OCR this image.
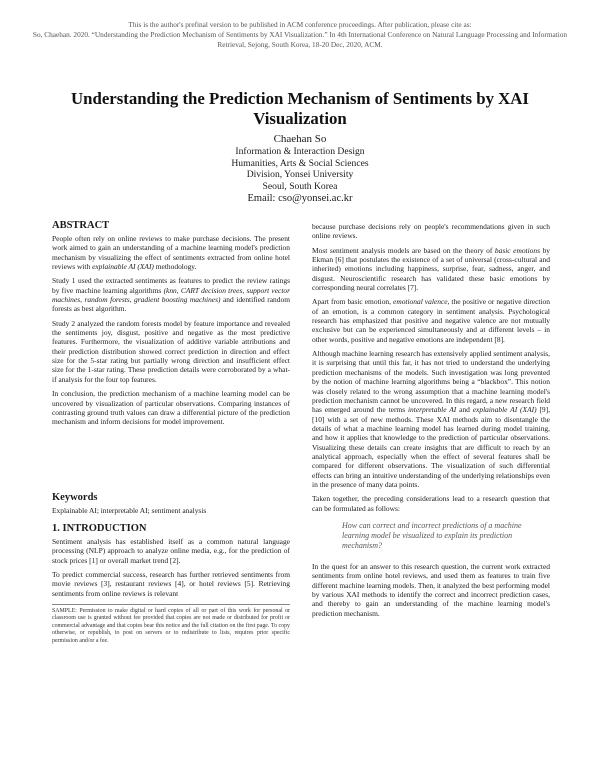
This is the author's prefinal version to be published in ACM conference proceedings. After publication, please cite as:

So, Chaehan. 2020. “Understanding the Prediction Mechanism of Sentiments by XAI Visualization.” In 4th International Conference on Natural Language Processing and Information Retrieval, Sejong, South Korea, 18-20 Dec, 2020, ACM.

Understanding the Prediction Mechanism of Sentiments by XAI Visualization
Chaehan So
Information & Interaction Design
Humanities, Arts & Social Sciences
Division, Yonsei University
Seoul, South Korea
Email: cso@yonsei.ac.kr
ABSTRACT

People often rely on online reviews to make purchase decisions. The present work aimed to gain an understanding of a machine learning model's prediction mechanism by visualizing the effect of sentiments extracted from online hotel reviews with explainable AI (XAI) methodology.

Study 1 used the extracted sentiments as features to predict the review ratings by five machine learning algorithms (knn, CART decision trees, support vector machines, random forests, gradient boosting machines) and identified random forests as best algorithm.

Study 2 analyzed the random forests model by feature importance and revealed the sentiments joy, disgust, positive and negative as the most predictive features. Furthermore, the visualization of additive variable attributions and their prediction distribution showed correct prediction in direction and effect size for the 5-star rating but partially wrong direction and insufficient effect size for the 1-star rating. These prediction details were corroborated by a what-if analysis for the four top features.

In conclusion, the prediction mechanism of a machine learning model can be uncovered by visualization of particular observations. Comparing instances of contrasting ground truth values can draw a differential picture of the prediction mechanism and inform decisions for model improvement.

Keywords

Explainable AI; interpretable AI; sentiment analysis

1. INTRODUCTION

Sentiment analysis has established itself as a common natural language processing (NLP) approach to analyze online media, e.g., for the prediction of stock prices [1] or overall market trend [2].

To predict commercial success, research has further retrieved sentiments from movie reviews [3], restaurant reviews [4], or hotel reviews [5]. Retrieving sentiments from online reviews is relevant

SAMPLE: Permission to make digital or hard copies of all or part of this work for personal or classroom use is granted without fee provided that copies are not made or distributed for profit or commercial advantage and that copies bear this notice and the full citation on the first page. To copy otherwise, or republish, to post on servers or to redistribute to lists, requires prior specific permission and/or a fee.

because purchase decisions rely on people's recommendations given in such online reviews.

Most sentiment analysis models are based on the theory of basic emotions by Ekman [6] that postulates the existence of a set of universal (cross-cultural and inherited) emotions including happiness, surprise, fear, sadness, anger, and disgust. Neuroscientific research has validated these basic emotions by corresponding neural correlates [7].

Apart from basic emotion, emotional valence, the positive or negative direction of an emotion, is a common category in sentiment analysis. Psychological research has emphasized that positive and negative valence are not mutually exclusive but can be experienced simultaneously and at different levels – in other words, positive and negative emotions are independent [8].

Although machine learning research has extensively applied sentiment analysis, it is surprising that until this far, it has not tried to understand the underlying prediction mechanisms of the models. Such investigation was long prevented by the notion of machine learning algorithms being a “blackbox”. This notion was closely related to the wrong assumption that a machine learning model's prediction mechanism cannot be uncovered. In this regard, a new research field has emerged around the terms interpretable AI and explainable AI (XAI) [9], [10] with a set of new methods. These XAI methods aim to disentangle the details of what a machine learning model has learned during model training, and how it applies that knowledge to the prediction of particular observations. Visualizing these details can create insights that are difficult to reach by an analytical approach, especially when the effect of several features shall be compared for different observations. The visualization of such differential effects can bring an intuitive understanding of the underlying relationships even in the presence of many data points.

Taken together, the preceding considerations lead to a research question that can be formulated as follows:

How can correct and incorrect predictions of a machine learning model be visualized to explain its prediction mechanism?

In the quest for an answer to this research question, the current work extracted sentiments from online hotel reviews, and used them as features to train five different machine learning models. Then, it analyzed the best performing model by various XAI methods to identify the correct and incorrect prediction cases, and thereby to gain an understanding of the machine learning model's prediction mechanism.
